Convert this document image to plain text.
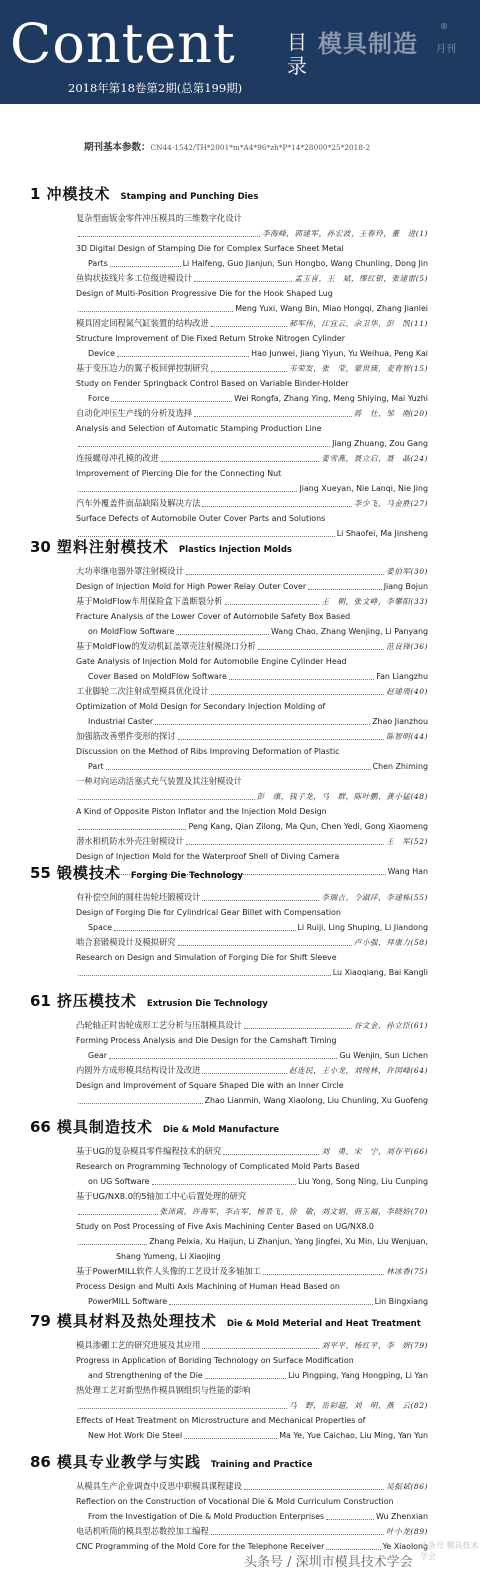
Content	目录
2018年第18卷第2期(总第199期)
模具制造
®
月刊
期刊基本参数：CN44-1542/TH*2001*m*A4*96*zh*P*14*28000*25*2018-2
1 冲模技术 Stamping and Punching Dies
复杂型面钣金零件冲压模具的三维数字化设计
李海峰，郭建军，孙宏波，王春玲，董　进(1)
3D Digital Design of Stamping Die for Complex Surface Sheet Metal
Parts	Li Haifeng, Guo Jianjun, Sun Hongbo, Wang Chunling, Dong Jin
鱼钩状拔线片多工位级进模设计	孟玉喜，王　斌，缪红银，张建雷(5)
Design of Multi-Position Progressive Die for the Hook Shaped Lug
Meng Yuxi, Wang Bin, Miao Hongqi, Zhang Jianlei
模具固定回程氮气缸装置的结构改进	郝军伟，江宜云，余卫华，彭　凯(11)
Structure Improvement of Die Fixed Return Stroke Nitrogen Cylinder
Device	Hao Junwei, Jiang Yiyun, Yu Weihua, Peng Kai
基于变压边力的翼子板回弹控制研究	韦荣发，张　莹，蒙世瑛，麦育智(15)
Study on Fender Springback Control Based on Variable Binder-Holder
Force	Wei Rongfa, Zhang Ying, Meng Shiying, Mai Yuzhi
自动化冲压生产线的分析及选择	蒋　壮，邹　刚(20)
Analysis and Selection of Automatic Stamping Production Line
Jiang Zhuang, Zou Gang
连接螺母冲孔模的改进	姜雪燕，聂立启，聂　晶(24)
Improvement of Piercing Die for the Connecting Nut
Jiang Xueyan, Nie Lanqi, Nie Jing
汽车外覆盖件面品缺陷及解决方法	李少飞，马金胜(27)
Surface Defects of Automobile Outer Cover Parts and Solutions
Li Shaofei, Ma Jinsheng
30 塑料注射模技术 Plastics Injection Molds
大功率继电器外罩注射模设计	姜伯军(30)
Design of Injection Mold for High Power Relay Outer Cover	Jiang Bojun
基于MoldFlow车用保险盒下盖断裂分析	王　朝，张文峥，李攀阳(33)
Fracture Analysis of the Lower Cover of Automobile Safety Box Based
on MoldFlow Software	Wang Chao, Zhang Wenjing, Li Panyang
基于MoldFlow的发动机缸盖罩壳注射模浇口分析	范良锋(36)
Gate Analysis of Injection Mold for Automobile Engine Cylinder Head
Cover Based on MoldFlow Software	Fan Liangzhu
工业脚轮二次注射成型模具优化设计	赵建周(40)
Optimization of Mold Design for Secondary Injection Molding of
Industrial Caster	Zhao Jianzhou
加强筋改善塑件变形的探讨	陈智明(44)
Discussion on the Method of Ribs Improving Deformation of Plastic
Part	Chen Zhiming
一种对向运动活塞式充气装置及其注射模设计
彭　康，钱子龙，马　群，陈叶鹏，龚小猛(48)
A Kind of Opposite Piston Inflator and the Injection Mold Design
Peng Kang, Qian Zilong, Ma Qun, Chen Yedi, Gong Xiaomeng
潜水相机防水外壳注射模设计	王　军(52)
Design of Injection Mold for the Waterproof Shell of Diving Camera
Wang Han
55 锻模技术 Forging Die Technology
有补偿空间的圆柱齿轮坯锻模设计	李瑞吉，令淑萍，李建栋(55)
Design of Forging Die for Cylindrical Gear Billet with Compensation
Space	Li Ruiji, Ling Shuping, Li Jiandong
啮合套锻模设计及模拟研究	卢小强，拜康力(58)
Research on Design and Simulation of Forging Die for Shift Sleeve
Lu Xiaoqiang, Bai Kangli
61 挤压模技术 Extrusion Die Technology
凸轮轴正时齿轮成形工艺分析与压制模具设计	谷文金，孙立臣(61)
Forming Process Analysis and Die Design for the Camshaft Timing
Gear	Gu Wenjin, Sun Lichen
内圆外方成形模具结构设计及改进	赵连民，王小龙，刘纯林，许国峰(64)
Design and Improvement of Square Shaped Die with an Inner Circle
Zhao Lianmin, Wang Xiaolong, Liu Chunling, Xu Guofeng
66 模具制造技术 Die & Mold Manufacture
基于UG的复杂模具零件编程技术的研究	刘　勇，宋　宁，刘存平(66)
Research on Programming Technology of Complicated Mold Parts Based
on UG Software	Liu Yong, Song Ning, Liu Cunping
基于UG/NX8.0的5轴加工中心后置处理的研究
张沛霞，许海军，李占军，杨景飞，徐　敏，刘文娟，商玉福，李晓娇(70)
Study on Post Processing of Five Axis Machining Center Based on UG/NX8.0
Zhang Peixia, Xu Haijun, Li Zhanjun, Yang Jingfei, Xu Min, Liu Wenjuan,
Shang Yumeng, Li Xiaojing
基于PowerMILL软件人头像的工艺设计及多轴加工	林冰香(75)
Process Design and Multi Axis Machining of Human Head Based on
PowerMILL Software	Lin Bingxiang
79 模具材料及热处理技术 Die & Mold Meterial and Heat Treatment
模具渗硼工艺的研究进展及其应用	刘平平，杨红平，李　妍(79)
Progress in Application of Boriding Technology on Surface Modification
and Strengthening of the Die	Liu Pingping, Yang Hongping, Li Yan
热处理工艺对新型热作模具钢组织与性能的影响
马　野，岳彩超，刘　明，燕　云(82)
Effects of Heat Treatment on Microstructure and Mechanical Properties of
New Hot Work Die Steel	Ma Ye, Yue Caichao, Liu Ming, Yan Yun
86 模具专业教学与实践 Training and Practice
从模具生产企业调查中反思中职模具课程建设	吴振斌(86)
Reflection on the Construction of Vocational Die & Mold Curriculum Construction
From the Investigation of Die & Mold Production Enterprises	Wu Zhenxian
电话机听筒的模具型芯数控加工编程	叶小龙(89)
CNC Programming of the Mold Core for the Telephone Receiver	Ye Xiaolong
头条号 / 深圳市模具技术学会
头条号 模具技术学会
